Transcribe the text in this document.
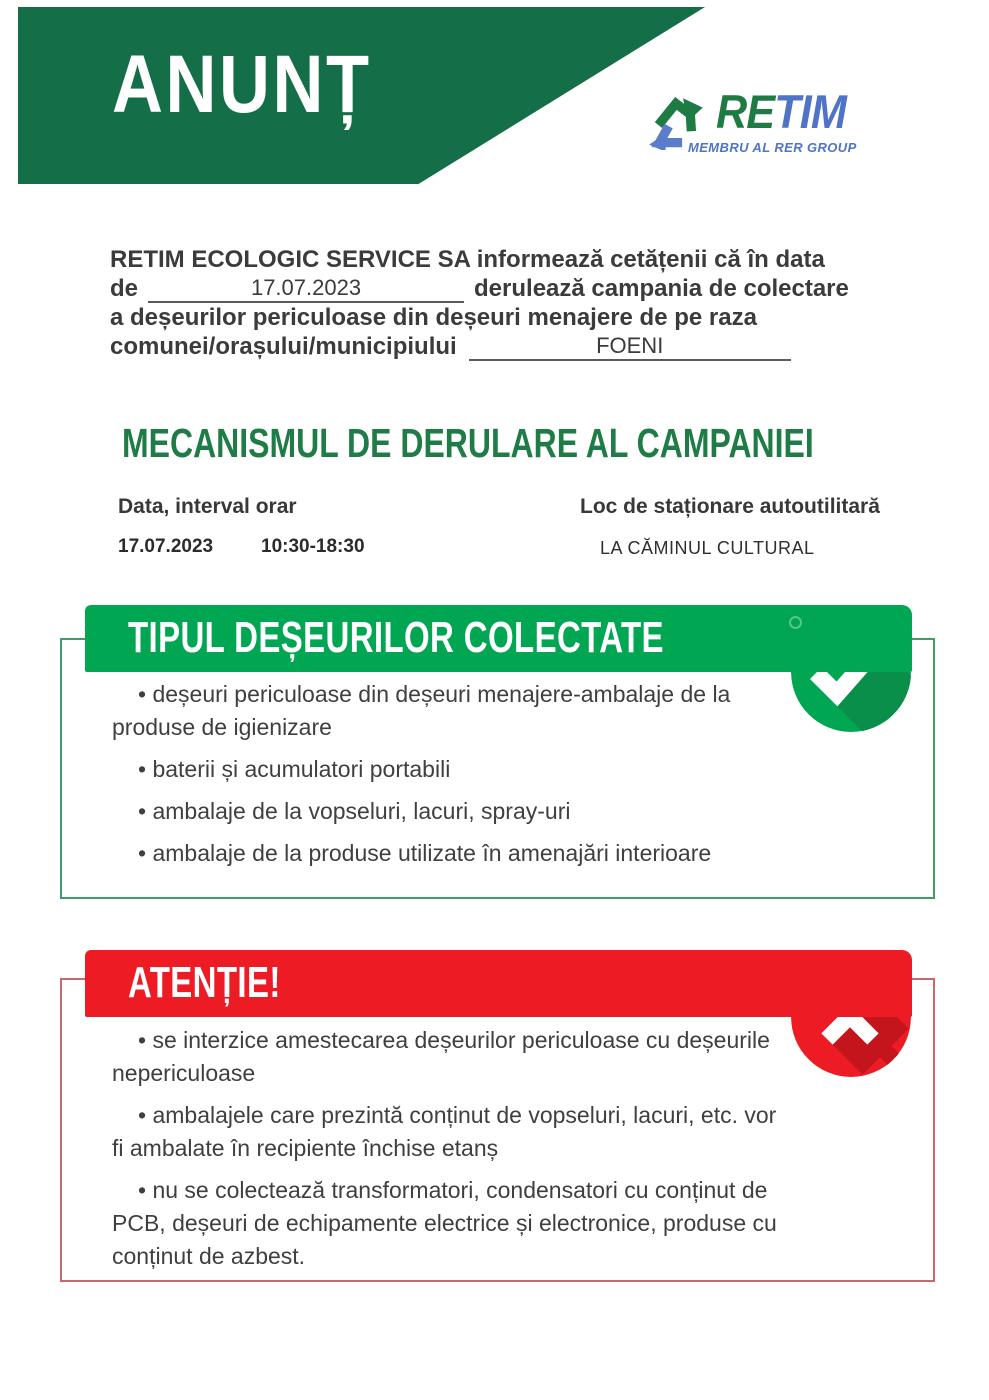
ANUNȚ	RETIM
MEMBRU AL RER GROUP
RETIM ECOLOGIC SERVICE SA informează cetățenii că în data
de	17.07.2023	derulează campania de colectare
a deșeurilor periculoase din deșeuri menajere de pe raza
comunei/orașului/municipiului	FOENI
MECANISMUL DE DERULARE AL CAMPANIEI
Data, interval orar	Loc de staționare autoutilitară
17.07.2023	10:30-18:30	LA CĂMINUL CULTURAL
TIPUL DEȘEURILOR COLECTATE

• deșeuri periculoase din deșeuri menajere-ambalaje de la produse de igienizare

• baterii și acumulatori portabili

• ambalaje de la vopseluri, lacuri, spray-uri

• ambalaje de la produse utilizate în amenajări interioare

ATENȚIE!

• se interzice amestecarea deșeurilor periculoase cu deșeurile nepericuloase

• ambalajele care prezintă conținut de vopseluri, lacuri, etc. vor fi ambalate în recipiente închise etanș

• nu se colectează transformatori, condensatori cu conținut de PCB, deșeuri de echipamente electrice și electronice, produse cu conținut de azbest.
